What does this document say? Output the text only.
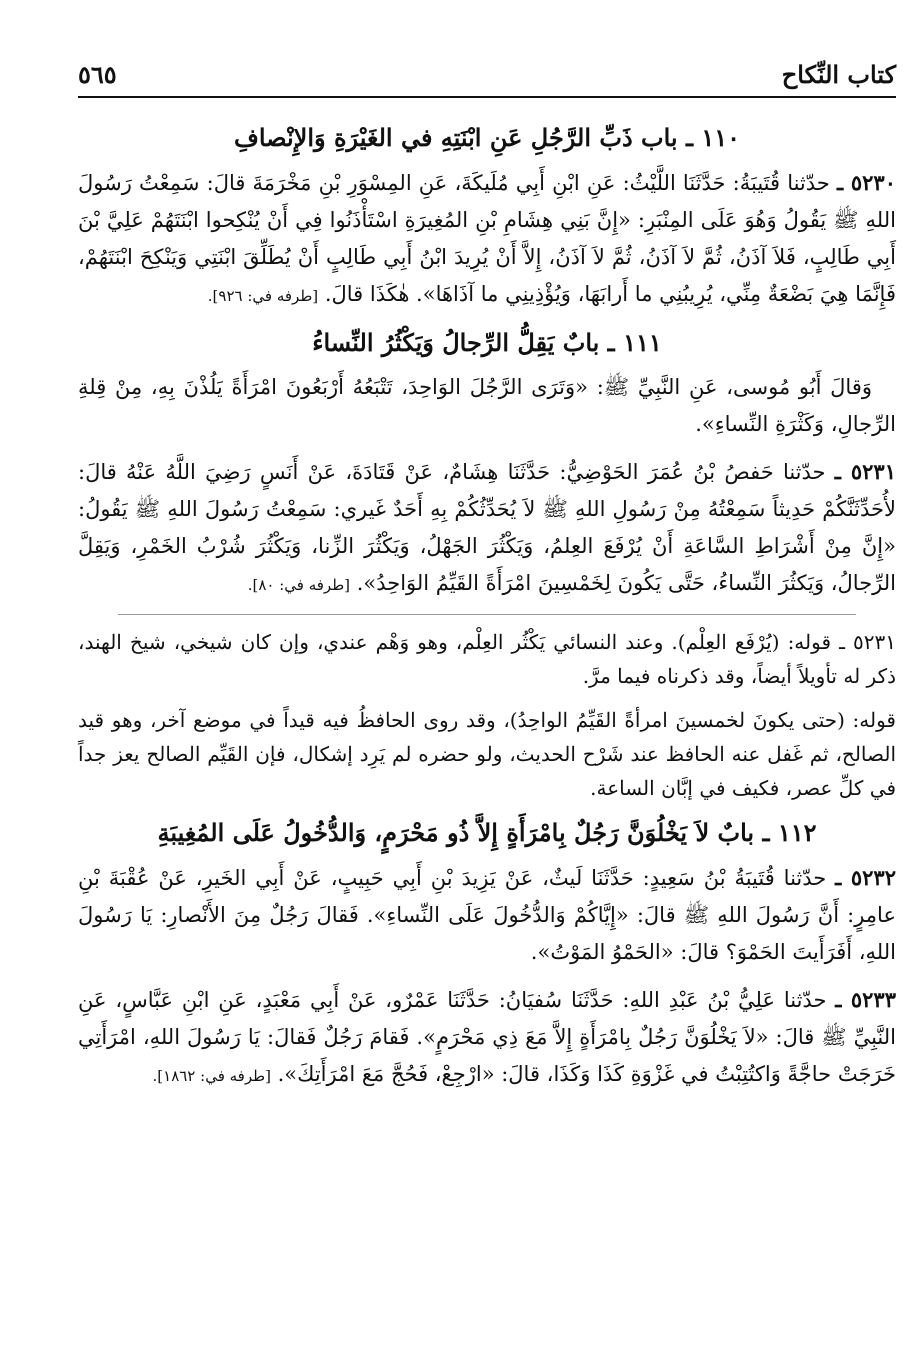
كتاب النِّكاح
٥٦٥
١١٠ ـ باب ذَبِّ الرَّجُلِ عَنِ ابْنَتِهِ في الغَيْرَةِ وَالإِنْصافِ

٥٢٣٠ ـ حدّثنا قُتَيبَةُ: حَدَّثَنَا اللَّيْثُ: عَنِ ابْنِ أَبِي مُلَيكَةَ، عَنِ المِسْوَرِ بْنِ مَخْرَمَةَ قالَ: سَمِعْتُ رَسُولَ اللهِ ﷺ يَقُولُ وَهُوَ عَلَى المِنْبَرِ: «إِنَّ بَنِي هِشَامِ بْنِ المُغِيرَةِ اسْتَأْذَنُوا فِي أَنْ يُنْكِحوا ابْنَتَهُمْ عَلِيَّ بْنَ أَبِي طَالِبٍ، فَلاَ آذَنُ، ثُمَّ لاَ آذَنُ، ثُمَّ لاَ آذَنُ، إِلاَّ أَنْ يُرِيدَ ابْنُ أَبِي طَالِبٍ أَنْ يُطَلِّقَ ابْنَتِي وَيَنْكِحَ ابْنَتَهُمْ، فَإِنَّمَا هِيَ بَضْعَةٌ مِنِّي، يُرِيبُنِي ما أَرابَهَا، وَيُؤْذِينِي ما آذَاهَا». هٰكَذَا قالَ. [طرفه في: ٩٢٦].

١١١ ـ بابٌ يَقِلُّ الرِّجالُ وَيَكْثُرُ النِّساءُ

وَقالَ أَبُو مُوسى، عَنِ النَّبِيِّ ﷺ: «وَتَرَى الرَّجُلَ الوَاحِدَ، تَتْبَعُهُ أَرْبَعُونَ امْرَأَةً يَلُذْنَ بِهِ، مِنْ قِلةِ الرِّجالِ، وَكَثْرَةِ النِّساءِ».

٥٢٣١ ـ حدّثنا حَفصُ بْنُ عُمَرَ الحَوْضِيُّ: حَدَّثَنَا هِشَامٌ، عَنْ قَتَادَةَ، عَنْ أَنَسٍ رَضِيَ اللَّهُ عَنْهُ قالَ: لأُحَدِّثَنَّكُمْ حَدِيثاً سَمِعْتُهُ مِنْ رَسُولِ اللهِ ﷺ لاَ يُحَدِّثُكُمْ بِهِ أَحَدٌ غَيري: سَمِعْتُ رَسُولَ اللهِ ﷺ يَقُولُ: «إِنَّ مِنْ أَشْرَاطِ السَّاعَةِ أَنْ يُرْفَعَ العِلمُ، وَيَكْثُرَ الجَهْلُ، وَيَكْثُرَ الزِّنا، وَيَكْثُرَ شُرْبُ الخَمْرِ، وَيَقِلَّ الرِّجالُ، وَيَكثُرَ النِّساءُ، حَتَّى يَكُونَ لِخَمْسِينَ امْرَأَةً القَيِّمُ الوَاحِدُ». [طرفه في: ٨٠].

٥٢٣١ ـ قوله: (يُرْفَع العِلْم). وعند النسائي يَكْثُر العِلْم، وهو وَهْم عندي، وإن كان شيخي، شيخ الهند، ذكر له تأويلاً أيضاً، وقد ذكرناه فيما مرَّ.

قوله: (حتى يكونَ لخمسينَ امرأةً القَيِّمُ الواحِدُ)، وقد روى الحافظُ فيه قيداً في موضع آخر، وهو قيد الصالح، ثم غَفل عنه الحافظ عند شَرْح الحديث، ولو حضره لم يَرِد إشكال، فإن القَيِّم الصالح يعز جداً في كلِّ عصر، فكيف في إبَّان الساعة.

١١٢ ـ بابٌ لاَ يَخْلُوَنَّ رَجُلٌ بِامْرَأَةٍ إِلاَّ ذُو مَحْرَمٍ، وَالدُّخُولُ عَلَى المُغِيبَةِ

٥٢٣٢ ـ حدّثنا قُتَيبَةُ بْنُ سَعِيدٍ: حَدَّثَنَا لَيثٌ، عَنْ يَزِيدَ بْنِ أَبِي حَبِيبٍ، عَنْ أَبِي الخَيرِ، عَنْ عُقْبَةَ بْنِ عامِرٍ: أَنَّ رَسُولَ اللهِ ﷺ قالَ: «إِيَّاكُمْ وَالدُّخُولَ عَلَى النِّساءِ». فَقالَ رَجُلٌ مِنَ الأَنْصارِ: يَا رَسُولَ اللهِ، أَفَرَأَيتَ الحَمْوَ؟ قالَ: «الحَمْوُ المَوْتُ».

٥٢٣٣ ـ حدّثنا عَلِيُّ بْنُ عَبْدِ اللهِ: حَدَّثَنَا سُفيَانُ: حَدَّثَنَا عَمْرٌو، عَنْ أَبِي مَعْبَدٍ، عَنِ ابْنِ عَبَّاسٍ، عَنِ النَّبِيِّ ﷺ قالَ: «لاَ يَخْلُوَنَّ رَجُلٌ بِامْرَأَةٍ إِلاَّ مَعَ ذِي مَحْرَمٍ». فَقامَ رَجُلٌ فَقالَ: يَا رَسُولَ اللهِ، امْرَأَتِي خَرَجَتْ حاجَّةً وَاكتُتِبْتُ في غَزْوَةِ كَذَا وَكَذَا، قالَ: «ارْجِعْ، فَحُجَّ مَعَ امْرَأَتِكَ». [طرفه في: ١٨٦٢].
